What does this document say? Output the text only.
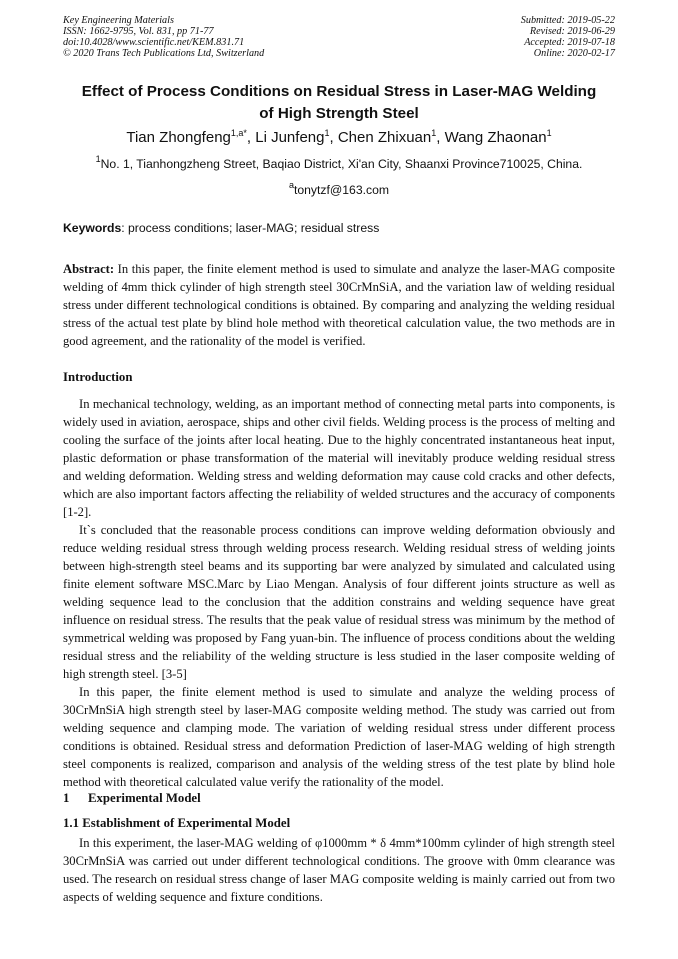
Key Engineering Materials
ISSN: 1662-9795, Vol. 831, pp 71-77
doi:10.4028/www.scientific.net/KEM.831.71
© 2020 Trans Tech Publications Ltd, Switzerland
Submitted: 2019-05-22
Revised: 2019-06-29
Accepted: 2019-07-18
Online: 2020-02-17
Effect of Process Conditions on Residual Stress in Laser-MAG Welding
of High Strength Steel
Tian Zhongfeng$^{1,a*}$, Li Junfeng$^1$, Chen Zhixuan$^1$, Wang Zhaonan$^1$
$^1$No. 1, Tianhongzheng Street, Baqiao District, Xi'an City, Shaanxi Province710025, China.
$^a$tonytzf@163.com
Keywords: process conditions; laser-MAG; residual stress

Abstract: In this paper, the finite element method is used to simulate and analyze the laser-MAG composite welding of 4mm thick cylinder of high strength steel 30CrMnSiA, and the variation law of welding residual stress under different technological conditions is obtained. By comparing and analyzing the welding residual stress of the actual test plate by blind hole method with theoretical calculation value, the two methods are in good agreement, and the rationality of the model is verified.

Introduction

In mechanical technology, welding, as an important method of connecting metal parts into components, is widely used in aviation, aerospace, ships and other civil fields. Welding process is the process of melting and cooling the surface of the joints after local heating. Due to the highly concentrated instantaneous heat input, plastic deformation or phase transformation of the material will inevitably produce welding residual stress and welding deformation. Welding stress and welding deformation may cause cold cracks and other defects, which are also important factors affecting the reliability of welded structures and the accuracy of components [1-2].

It`s concluded that the reasonable process conditions can improve welding deformation obviously and reduce welding residual stress through welding process research. Welding residual stress of welding joints between high-strength steel beams and its supporting bar were analyzed by simulated and calculated using finite element software MSC.Marc by Liao Mengan. Analysis of four different joints structure as well as welding sequence lead to the conclusion that the addition constrains and welding sequence have great influence on residual stress. The results that the peak value of residual stress was minimum by the method of symmetrical welding was proposed by Fang yuan-bin. The influence of process conditions about the welding residual stress and the reliability of the welding structure is less studied in the laser composite welding of high strength steel. [3-5]

In this paper, the finite element method is used to simulate and analyze the welding process of 30CrMnSiA high strength steel by laser-MAG composite welding method. The study was carried out from welding sequence and clamping mode. The variation of welding residual stress under different process conditions is obtained. Residual stress and deformation Prediction of laser-MAG welding of high strength steel components is realized, comparison and analysis of the welding stress of the test plate by blind hole method with theoretical calculated value verify the rationality of the model.

1 Experimental Model
1.1 Establishment of Experimental Model

In this experiment, the laser-MAG welding of φ1000mm * δ 4mm*100mm cylinder of high strength steel 30CrMnSiA was carried out under different technological conditions. The groove with 0mm clearance was used. The research on residual stress change of laser MAG composite welding is mainly carried out from two aspects of welding sequence and fixture conditions.
